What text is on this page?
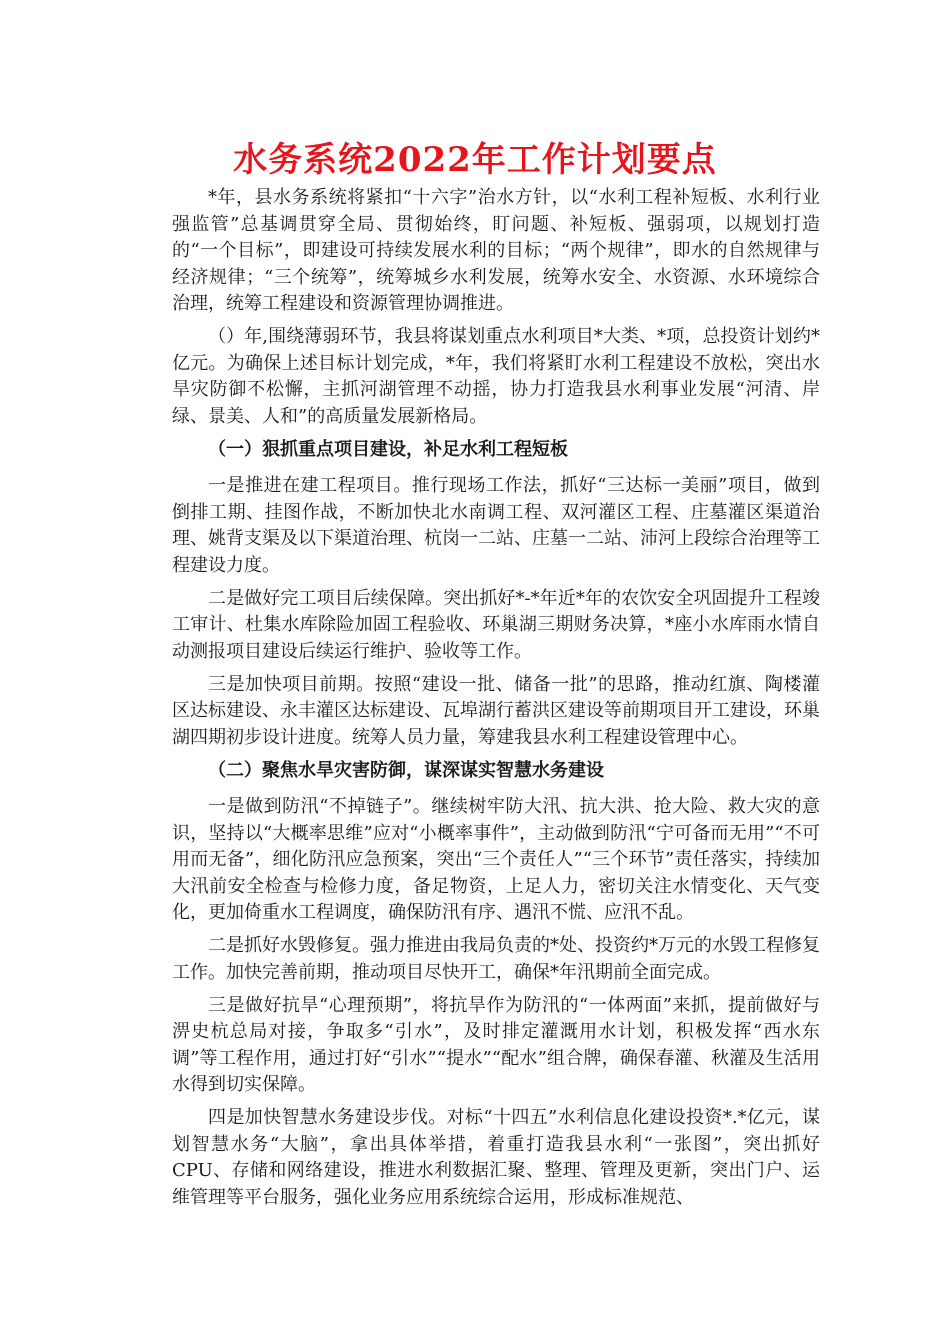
水务系统2022年工作计划要点

*年，县水务系统将紧扣“十六字”治水方针，以“水利工程补短板、水利行业强监管”总基调贯穿全局、贯彻始终，盯问题、补短板、强弱项，以规划打造的“一个目标”，即建设可持续发展水利的目标；“两个规律”，即水的自然规律与经济规律；“三个统筹”，统筹城乡水利发展，统筹水安全、水资源、水环境综合治理，统筹工程建设和资源管理协调推进。

（）年,围绕薄弱环节，我县将谋划重点水利项目*大类、*项，总投资计划约*亿元。为确保上述目标计划完成，*年，我们将紧盯水利工程建设不放松，突出水旱灾防御不松懈，主抓河湖管理不动摇，协力打造我县水利事业发展“河清、岸绿、景美、人和”的高质量发展新格局。

（一）狠抓重点项目建设，补足水利工程短板

一是推进在建工程项目。推行现场工作法，抓好“三达标一美丽”项目，做到倒排工期、挂图作战，不断加快北水南调工程、双河灌区工程、庄墓灌区渠道治理、姚背支渠及以下渠道治理、杭岗一二站、庄墓一二站、沛河上段综合治理等工程建设力度。

二是做好完工项目后续保障。突出抓好*-*年近*年的农饮安全巩固提升工程竣工审计、杜集水库除险加固工程验收、环巢湖三期财务决算，*座小水库雨水情自动测报项目建设后续运行维护、验收等工作。

三是加快项目前期。按照“建设一批、储备一批”的思路，推动红旗、陶楼灌区达标建设、永丰灌区达标建设、瓦埠湖行蓄洪区建设等前期项目开工建设，环巢湖四期初步设计进度。统筹人员力量，筹建我县水利工程建设管理中心。

（二）聚焦水旱灾害防御，谋深谋实智慧水务建设

一是做到防汛“不掉链子”。继续树牢防大汛、抗大洪、抢大险、救大灾的意识，坚持以“大概率思维”应对“小概率事件”，主动做到防汛“宁可备而无用”“不可用而无备”，细化防汛应急预案，突出“三个责任人”“三个环节”责任落实，持续加大汛前安全检查与检修力度，备足物资，上足人力，密切关注水情变化、天气变化，更加倚重水工程调度，确保防汛有序、遇汛不慌、应汛不乱。

二是抓好水毁修复。强力推进由我局负责的*处、投资约*万元的水毁工程修复工作。加快完善前期，推动项目尽快开工，确保*年汛期前全面完成。

三是做好抗旱“心理预期”，将抗旱作为防汛的“一体两面”来抓，提前做好与淠史杭总局对接，争取多“引水”，及时排定灌溉用水计划，积极发挥“西水东调”等工程作用，通过打好“引水”“提水”“配水”组合牌，确保春灌、秋灌及生活用水得到切实保障。

四是加快智慧水务建设步伐。对标“十四五”水利信息化建设投资*.*亿元，谋划智慧水务“大脑”，拿出具体举措，着重打造我县水利“一张图”，突出抓好CPU、存储和网络建设，推进水利数据汇聚、整理、管理及更新，突出门户、运维管理等平台服务，强化业务应用系统综合运用，形成标准规范、
